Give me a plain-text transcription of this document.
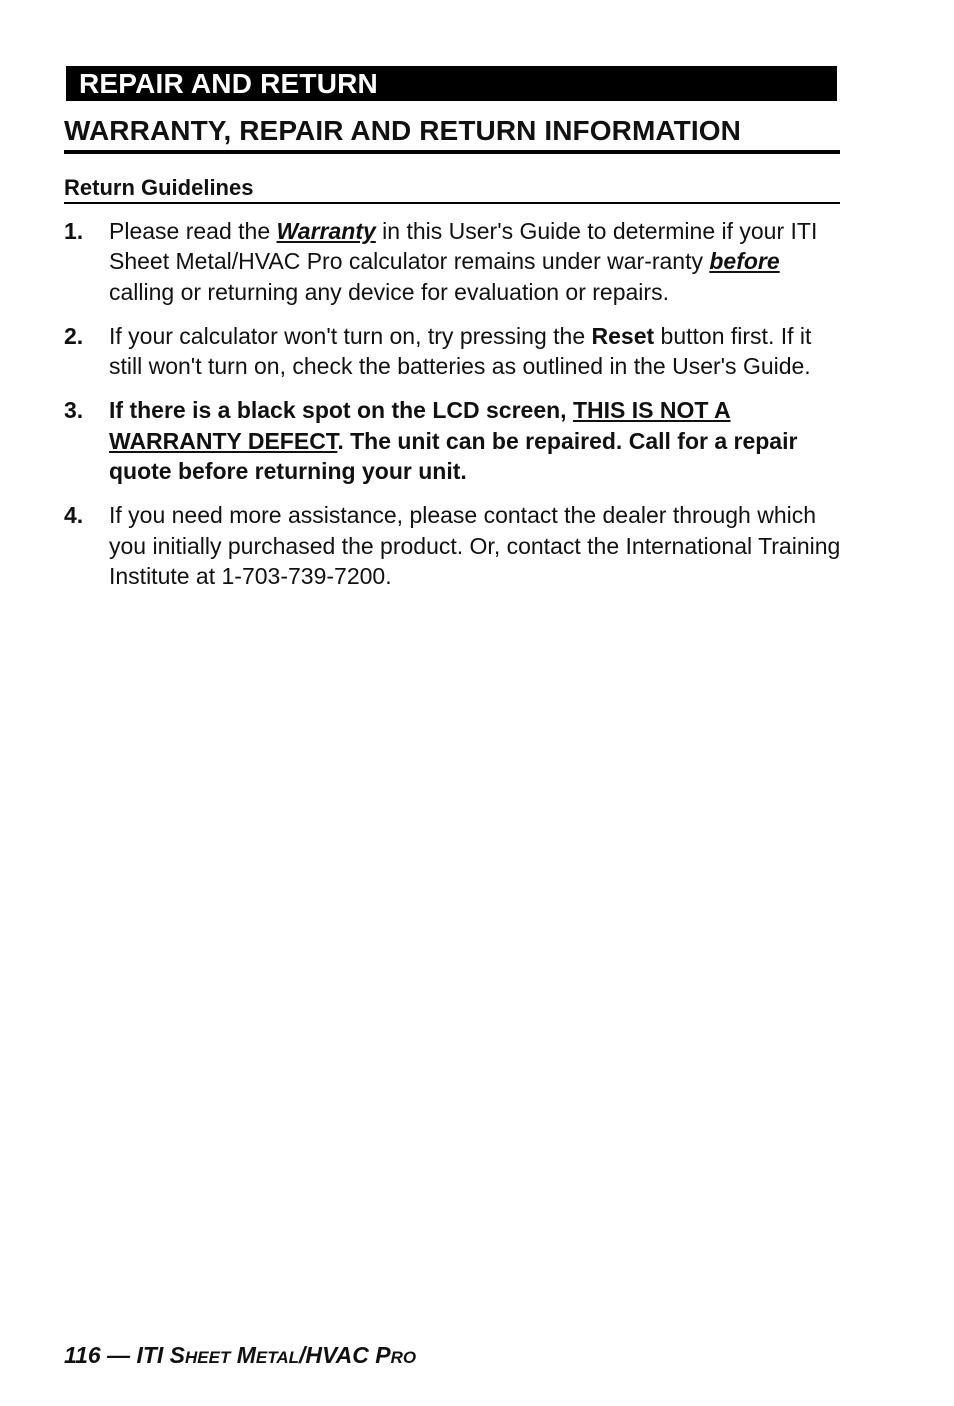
REPAIR AND RETURN
WARRANTY, REPAIR AND RETURN INFORMATION
Return Guidelines
1. Please read the Warranty in this User's Guide to determine if your ITI Sheet Metal/HVAC Pro calculator remains under war-ranty before calling or returning any device for evaluation or repairs.
2. If your calculator won't turn on, try pressing the Reset button first. If it still won't turn on, check the batteries as outlined in the User's Guide.
3. If there is a black spot on the LCD screen, THIS IS NOT A WARRANTY DEFECT. The unit can be repaired. Call for a repair quote before returning your unit.
4. If you need more assistance, please contact the dealer through which you initially purchased the product. Or, contact the International Training Institute at 1-703-739-7200.
116 — ITI SHEET METAL/HVAC PRO
